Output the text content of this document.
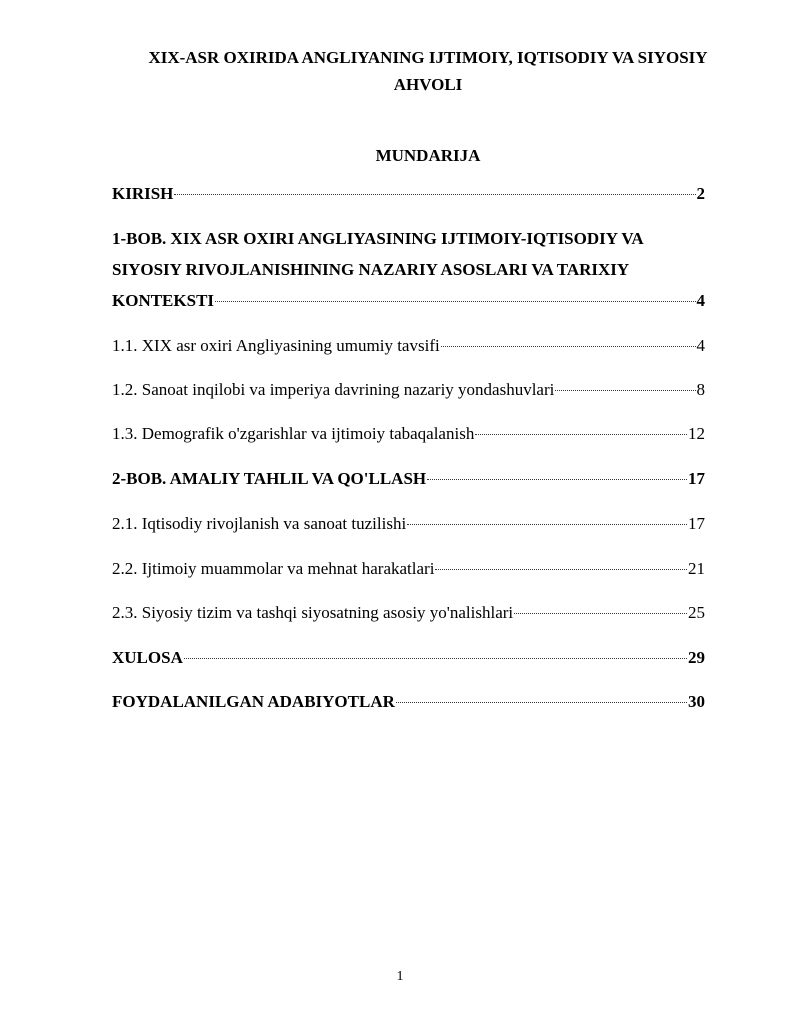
XIX-ASR OXIRIDA ANGLIYANING IJTIMOIY, IQTISODIY VA SIYOSIY
AHVOLI
MUNDARIJA
KIRISH	2
1-BOB. XIX ASR OXIRI ANGLIYASINING IJTIMOIY-IQTISODIY VA
SIYOSIY RIVOJLANISHINING NAZARIY ASOSLARI VA TARIXIY
KONTEKSTI	4
1.1. XIX asr oxiri Angliyasining umumiy tavsifi	4
1.2. Sanoat inqilobi va imperiya davrining nazariy yondashuvlari	8
1.3. Demografik o'zgarishlar va ijtimoiy tabaqalanish	12
2-BOB. AMALIY TAHLIL VA QO'LLASH	17
2.1. Iqtisodiy rivojlanish va sanoat tuzilishi	17
2.2. Ijtimoiy muammolar va mehnat harakatlari	21
2.3. Siyosiy tizim va tashqi siyosatning asosiy yo'nalishlari	25
XULOSA	29
FOYDALANILGAN ADABIYOTLAR	30
1
